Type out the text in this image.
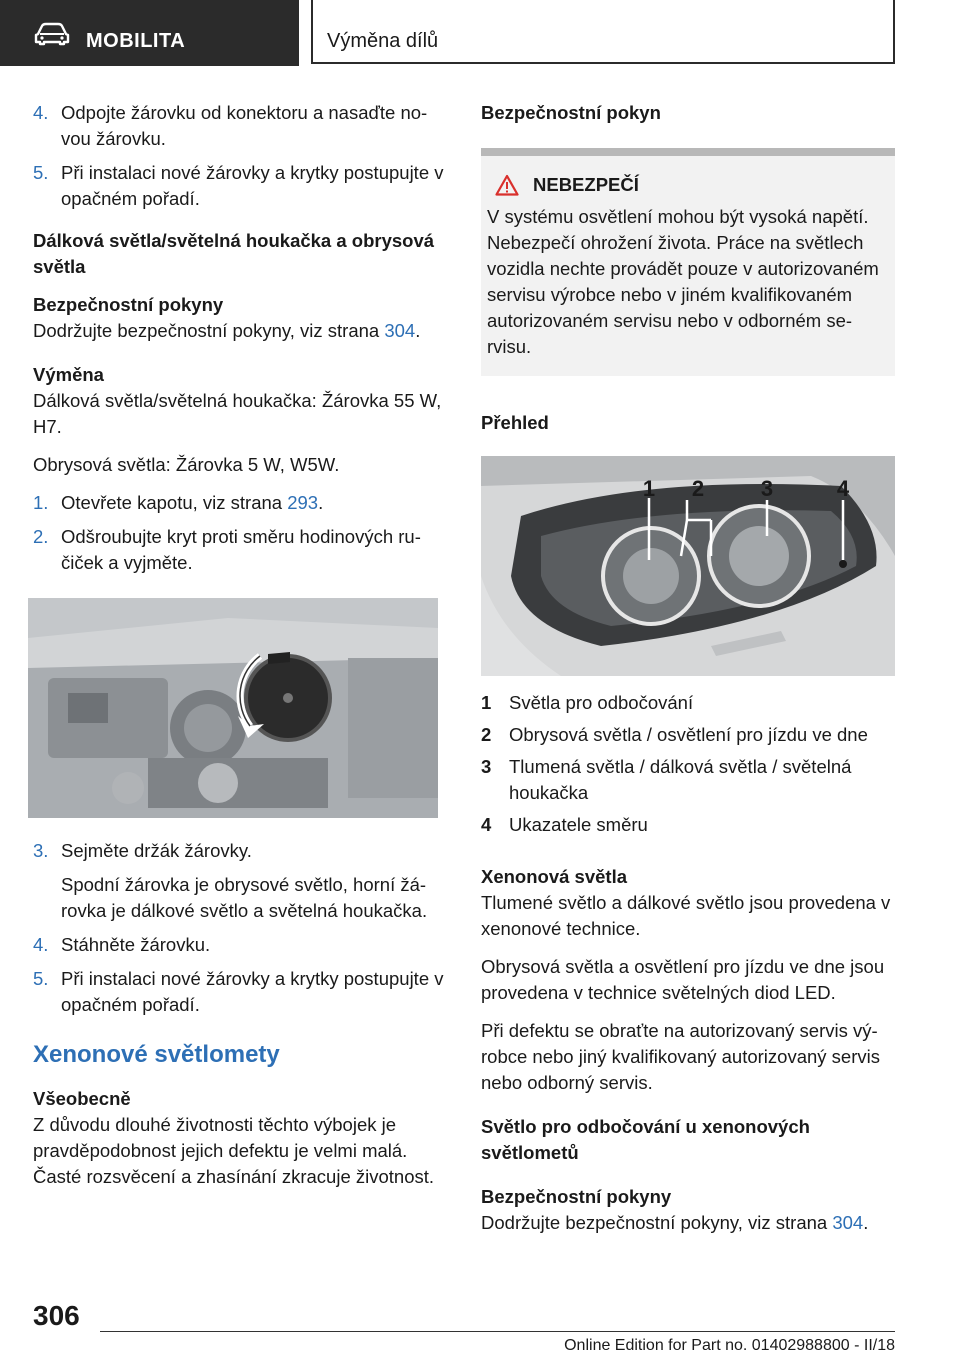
MOBILITA	Výměna dílů
4. Odpojte žárovku od konektoru a nasaďte no‐vou žárovku.
5. Při instalaci nové žárovky a krytky postupujte v opačném pořadí.
Dálková světla/světelná houkačka a obrysová světla
Bezpečnostní pokyny

Dodržujte bezpečnostní pokyny, viz strana 304.

Výměna

Dálková světla/světelná houkačka: Žárovka 55 W, H7.

Obrysová světla: Žárovka 5 W, W5W.

1. Otevřete kapotu, viz strana 293.
2. Odšroubujte kryt proti směru hodinových ru‐čiček a vyjměte.
3. Sejměte držák žárovky.
Spodní žárovka je obrysové světlo, horní žá‐rovka je dálkové světlo a světelná houkačka.
4. Stáhněte žárovku.
5. Při instalaci nové žárovky a krytky postupujte v opačném pořadí.
Xenonové světlomety
Všeobecně

Z důvodu dlouhé životnosti těchto výbojek je pravděpodobnost jejich defektu je velmi malá. Časté rozsvěcení a zhasínání zkracuje životnost.

Bezpečnostní pokyn
NEBEZPEČÍ
V systému osvětlení mohou být vysoká napětí. Nebezpečí ohrožení života. Práce na světlech vozidla nechte provádět pouze v autorizovaném servisu výrobce nebo v jiném kvalifikovaném autorizovaném servisu nebo v odborném se‐rvisu.
Přehled
1 2	3	4
1 Světla pro odbočování
2 Obrysová světla / osvětlení pro jízdu ve dne
3 Tlumená světla / dálková světla / světelná houkačka
4 Ukazatele směru
Xenonová světla

Tlumené světlo a dálkové světlo jsou provedena v xenonové technice.

Obrysová světla a osvětlení pro jízdu ve dne jsou provedena v technice světelných diod LED.

Při defektu se obraťte na autorizovaný servis vý‐robce nebo jiný kvalifikovaný autorizovaný servis nebo odborný servis.

Světlo pro odbočování u xenonových světlometů
Bezpečnostní pokyny

Dodržujte bezpečnostní pokyny, viz strana 304.

306
Online Edition for Part no. 01402988800 - II/18
